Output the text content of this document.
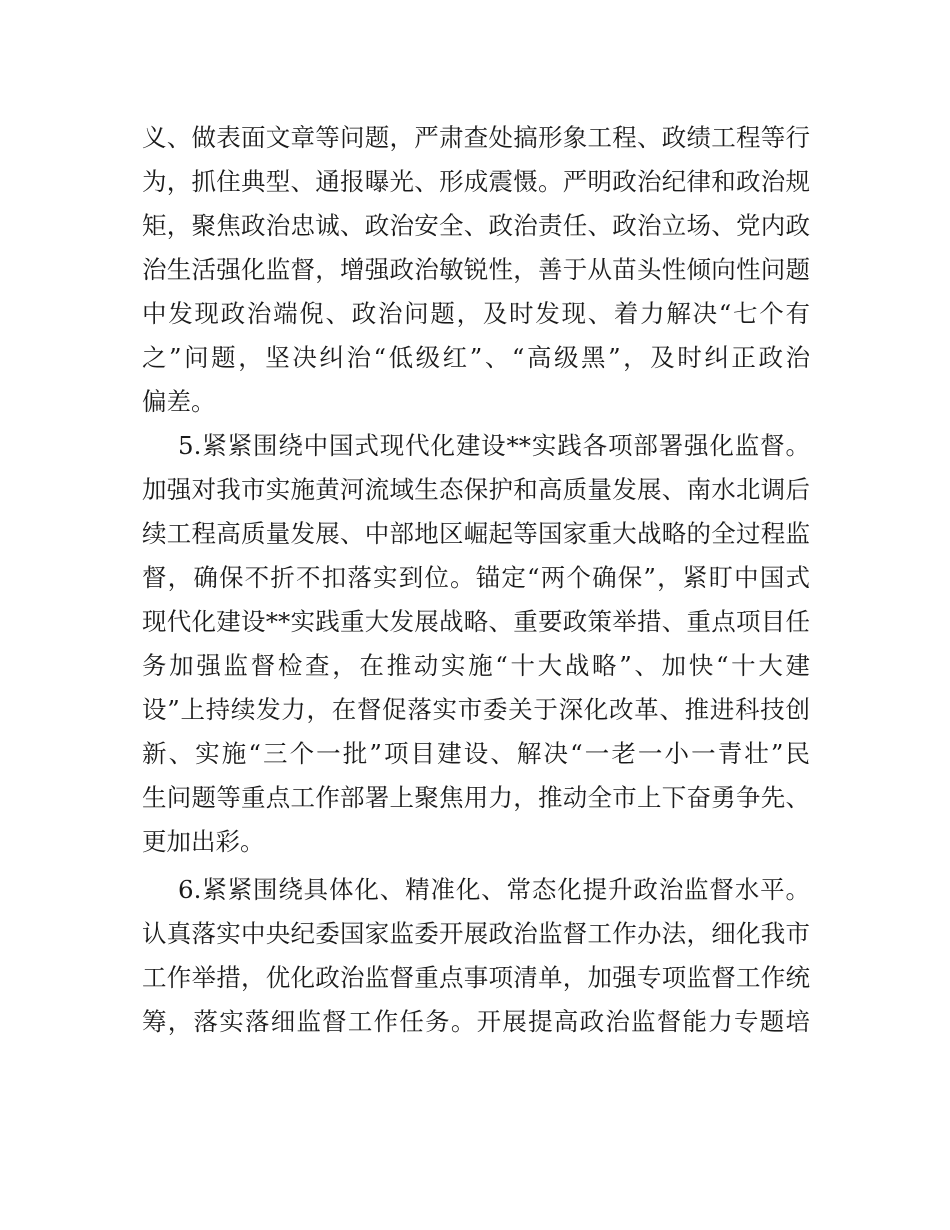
义、做表面文章等问题，严肃查处搞形象工程、政绩工程等行
为，抓住典型、通报曝光、形成震慑。严明政治纪律和政治规
矩，聚焦政治忠诚、政治安全、政治责任、政治立场、党内政
治生活强化监督，增强政治敏锐性，善于从苗头性倾向性问题
中发现政治端倪、政治问题，及时发现、着力解决“七个有
之”问题，坚决纠治“低级红”、“高级黑”，及时纠正政治
偏差。
5.紧紧围绕中国式现代化建设**实践各项部署强化监督。
加强对我市实施黄河流域生态保护和高质量发展、南水北调后
续工程高质量发展、中部地区崛起等国家重大战略的全过程监
督，确保不折不扣落实到位。锚定“两个确保”，紧盯中国式
现代化建设**实践重大发展战略、重要政策举措、重点项目任
务加强监督检查，在推动实施“十大战略”、加快“十大建
设”上持续发力，在督促落实市委关于深化改革、推进科技创
新、实施“三个一批”项目建设、解决“一老一小一青壮”民
生问题等重点工作部署上聚焦用力，推动全市上下奋勇争先、
更加出彩。
6.紧紧围绕具体化、精准化、常态化提升政治监督水平。
认真落实中央纪委国家监委开展政治监督工作办法，细化我市
工作举措，优化政治监督重点事项清单，加强专项监督工作统
筹，落实落细监督工作任务。开展提高政治监督能力专题培
